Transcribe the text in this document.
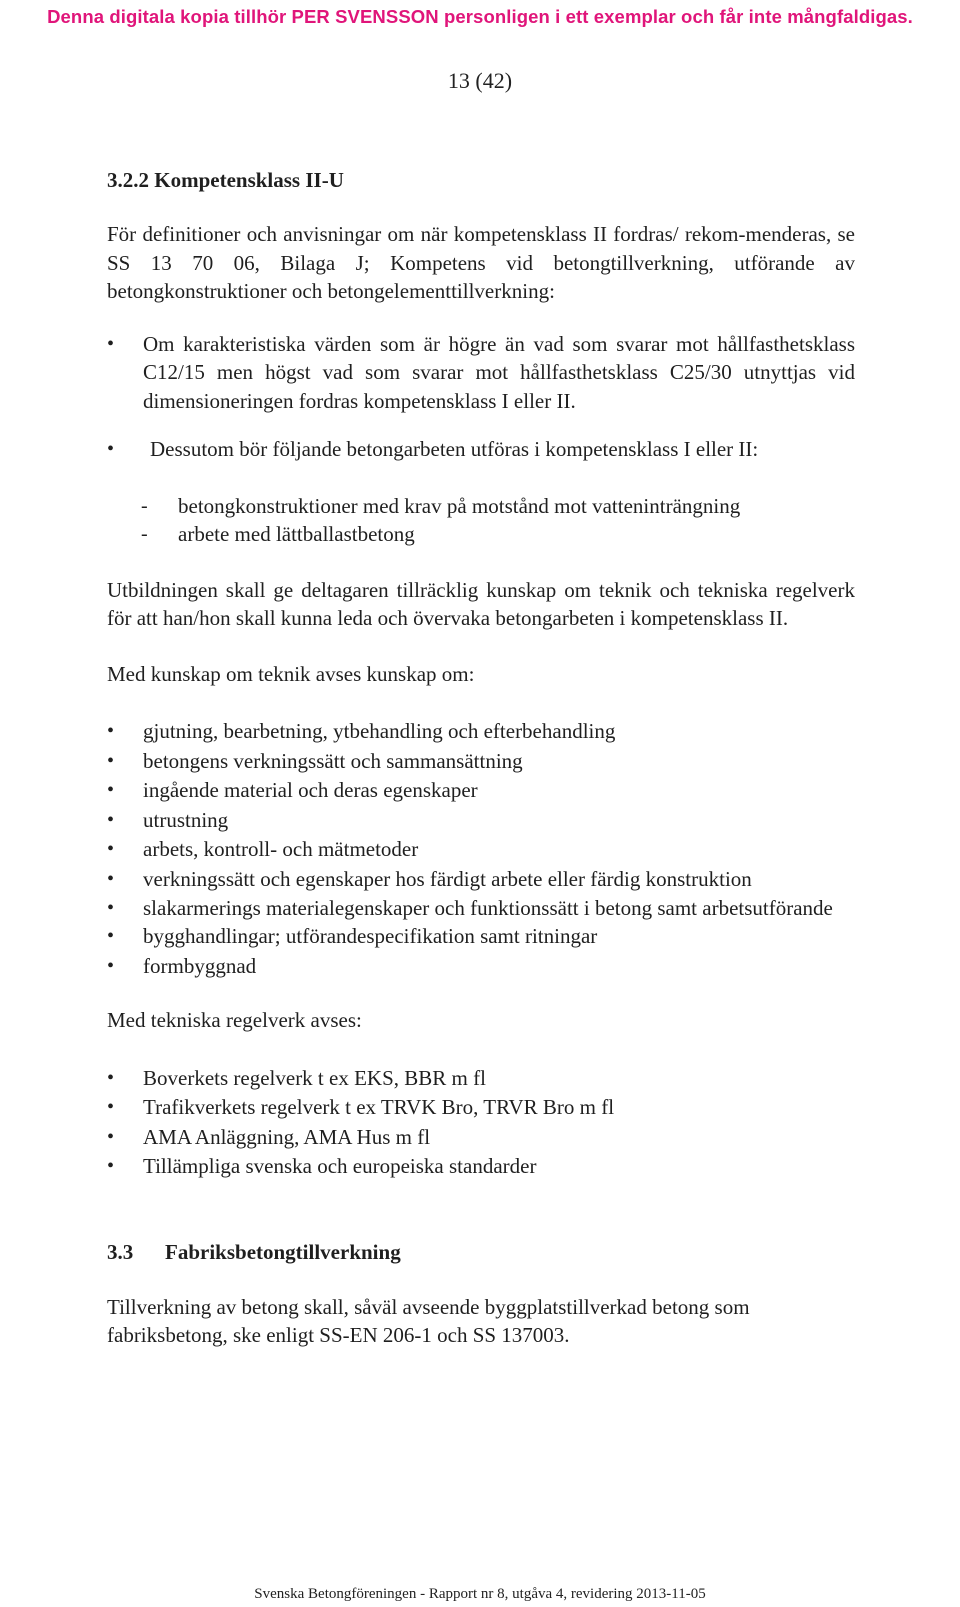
Denna digitala kopia tillhör PER SVENSSON personligen i ett exemplar och får inte mångfaldigas.
13 (42)
3.2.2 Kompetensklass II-U

För definitioner och anvisningar om när kompetensklass II fordras/ rekom-menderas, se SS 13 70 06, Bilaga J; Kompetens vid betongtillverkning, utförande av betongkonstruktioner och betongelementtillverkning:

• Om karakteristiska värden som är högre än vad som svarar mot hållfasthetsklass C12/15 men högst vad som svarar mot hållfasthetsklass C25/30 utnyttjas vid dimensioneringen fordras kompetensklass I eller II.
• Dessutom bör följande betongarbeten utföras i kompetensklass I eller II:
- betongkonstruktioner med krav på motstånd mot vatteninträngning
- arbete med lättballastbetong

Utbildningen skall ge deltagaren tillräcklig kunskap om teknik och tekniska regelverk för att han/hon skall kunna leda och övervaka betongarbeten i kompetensklass II.

Med kunskap om teknik avses kunskap om:

• gjutning, bearbetning, ytbehandling och efterbehandling
• betongens verkningssätt och sammansättning
• ingående material och deras egenskaper
• utrustning
• arbets, kontroll- och mätmetoder
• verkningssätt och egenskaper hos färdigt arbete eller färdig konstruktion
• slakarmerings materialegenskaper och funktionssätt i betong samt arbetsutförande
• bygghandlingar; utförandespecifikation samt ritningar
• formbyggnad

Med tekniska regelverk avses:

• Boverkets regelverk t ex EKS, BBR m fl
• Trafikverkets regelverk t ex TRVK Bro, TRVR Bro m fl
• AMA Anläggning, AMA Hus m fl
• Tillämpliga svenska och europeiska standarder
3.3 Fabriksbetongtillverkning

Tillverkning av betong skall, såväl avseende byggplatstillverkad betong som fabriksbetong, ske enligt SS-EN 206-1 och SS 137003.

Svenska Betongföreningen - Rapport nr 8, utgåva 4, revidering 2013-11-05
